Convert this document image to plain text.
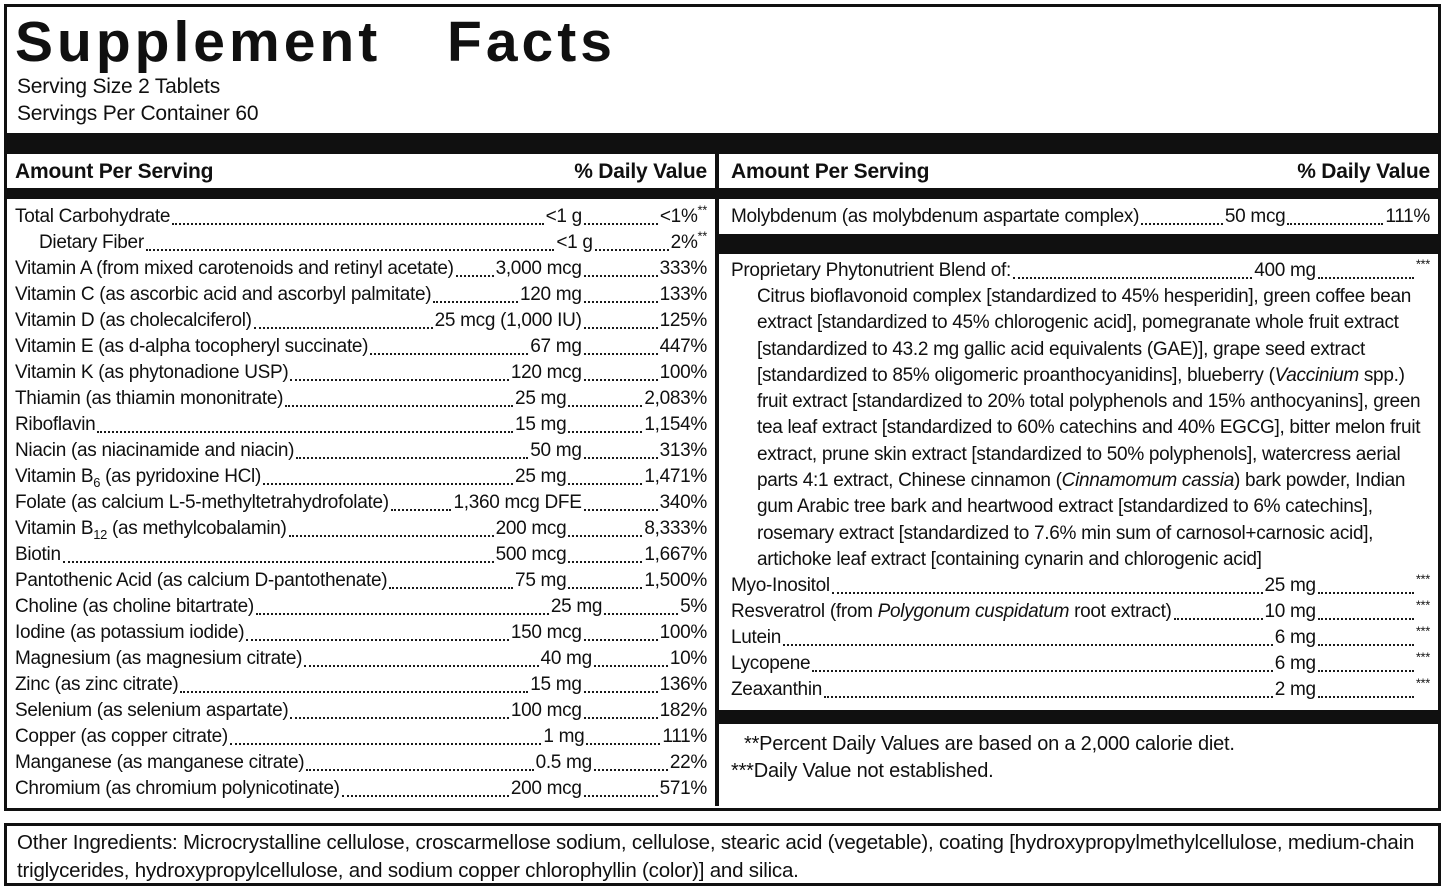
Supplement Facts
Serving Size 2 Tablets
Servings Per Container 60
Amount Per Serving	% Daily Value
Total Carbohydrate	<1 g	<1%**
Dietary Fiber	<1 g	2%**
Vitamin A (from mixed carotenoids and retinyl acetate) 3,000 mcg	333%
Vitamin C (as ascorbic acid and ascorbyl palmitate)	120 mg	133%
Vitamin D (as cholecalciferol)	25 mcg (1,000 IU)	125%
Vitamin E (as d-alpha tocopheryl succinate)	67 mg	447%
Vitamin K (as phytonadione USP)	120 mcg	100%
Thiamin (as thiamin mononitrate)	25 mg	2,083%
Riboflavin	15 mg	1,154%
Niacin (as niacinamide and niacin)	50 mg	313%
Vitamin $B_6$ (as pyridoxine HCl)	25 mg	1,471%
Folate (as calcium L-5-methyltetrahydrofolate)	1,360 mcg DFE	340%
Vitamin $B_{12}$ (as methylcobalamin)	200 mcg	8,333%
Biotin	500 mcg	1,667%
Pantothenic Acid (as calcium D-pantothenate)	75 mg	1,500%
Choline (as choline bitartrate)	25 mg	5%
Iodine (as potassium iodide)	150 mcg	100%
Magnesium (as magnesium citrate)	40 mg	10%
Zinc (as zinc citrate)	15 mg	136%
Selenium (as selenium aspartate)	100 mcg	182%
Copper (as copper citrate)	1 mg	111%
Manganese (as manganese citrate)	0.5 mg	22%
Chromium (as chromium polynicotinate)	200 mcg	571%
Amount Per Serving	% Daily Value
Molybdenum (as molybdenum aspartate complex)	50 mcg	111%
Proprietary Phytonutrient Blend of:	400 mg	***
Citrus bioflavonoid complex [standardized to 45% hesperidin], green coffee bean extract [standardized to 45% chlorogenic acid], pomegranate whole fruit extract [standardized to 43.2 mg gallic acid equivalents (GAE)], grape seed extract [standardized to 85% oligomeric proanthocyanidins], blueberry (Vaccinium spp.) fruit extract [standardized to 20% total polyphenols and 15% anthocyanins], green tea leaf extract [standardized to 60% catechins and 40% EGCG], bitter melon fruit extract, prune skin extract [standardized to 50% polyphenols], watercress aerial parts 4:1 extract, Chinese cinnamon (Cinnamomum cassia) bark powder, Indian gum Arabic tree bark and heartwood extract [standardized to 6% catechins], rosemary extract [standardized to 7.6% min sum of carnosol+carnosic acid], artichoke leaf extract [containing cynarin and chlorogenic acid]
Myo-Inositol	25 mg	***
Resveratrol (from Polygonum cuspidatum root extract)	10 mg	***
Lutein	6 mg	***
Lycopene	6 mg	***
Zeaxanthin	2 mg	***
**Percent Daily Values are based on a 2,000 calorie diet.
***Daily Value not established.
Other Ingredients: Microcrystalline cellulose, croscarmellose sodium, cellulose, stearic acid (vegetable), coating [hydroxypropylmethylcellulose, medium-chain triglycerides, hydroxypropylcellulose, and sodium copper chlorophyllin (color)] and silica.
